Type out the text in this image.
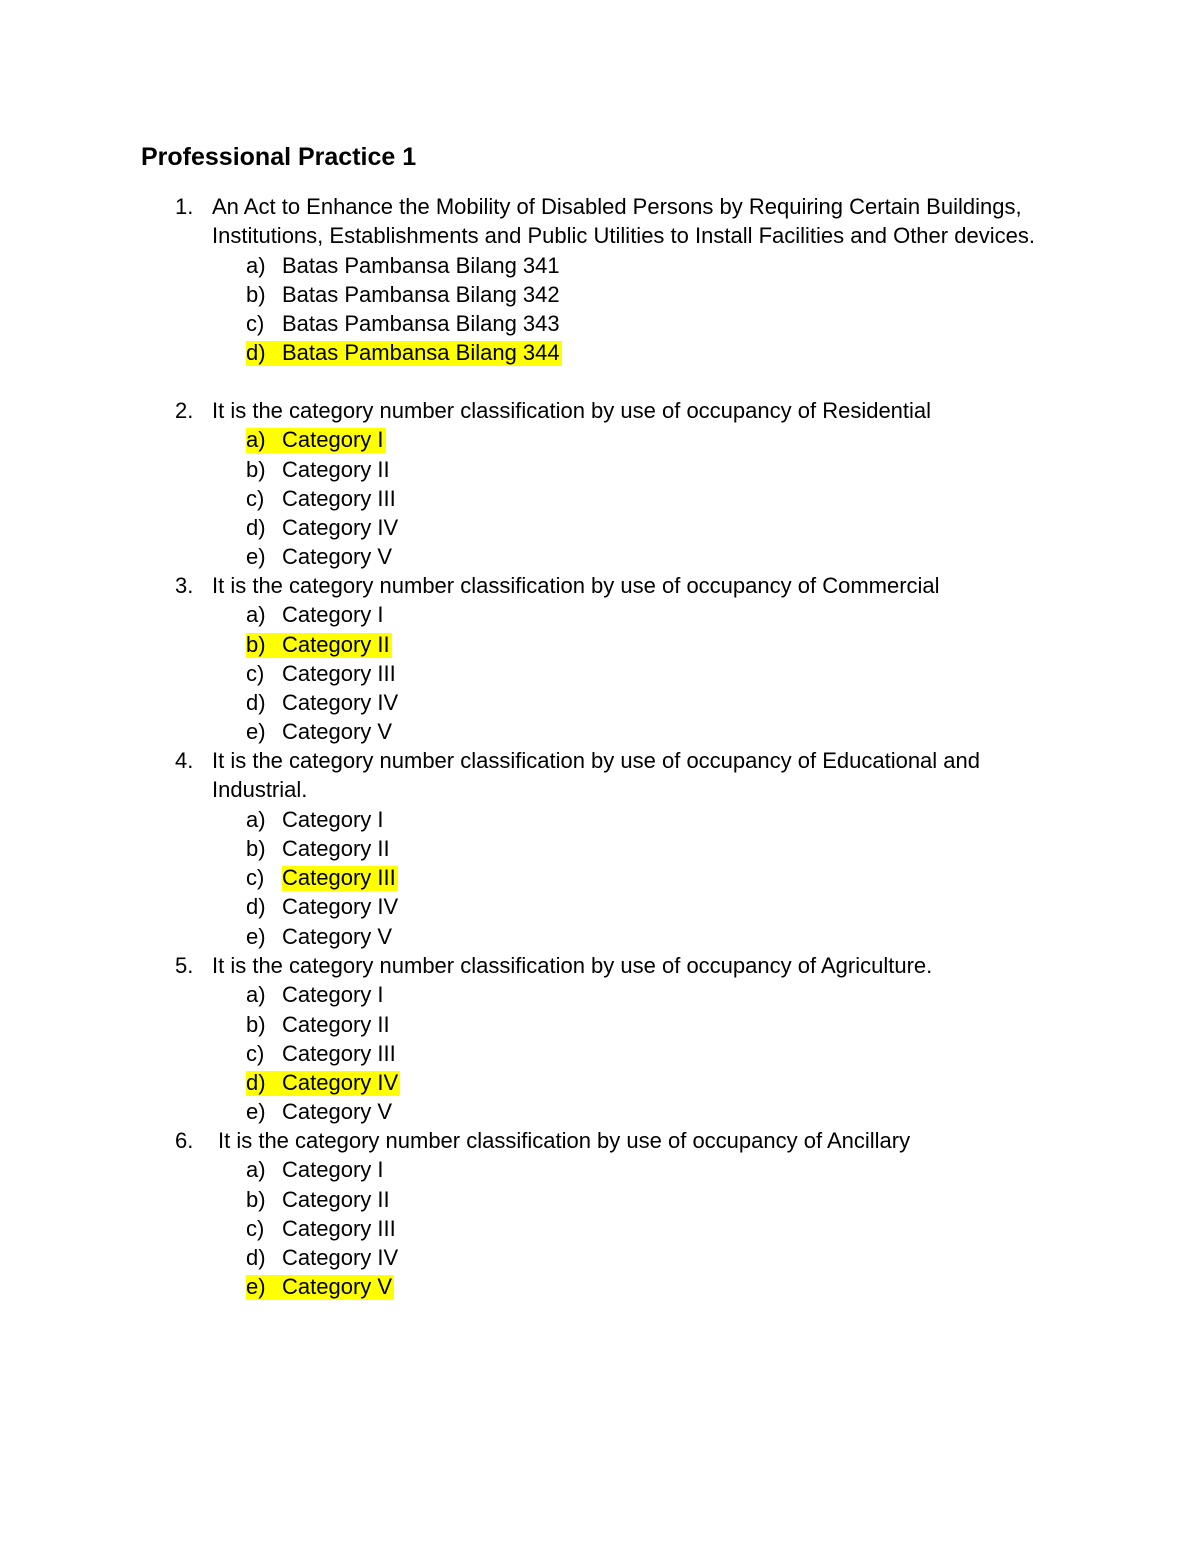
Professional Practice 1
1. An Act to Enhance the Mobility of Disabled Persons by Requiring Certain Buildings, Institutions, Establishments and Public Utilities to Install Facilities and Other devices.
a) Batas Pambansa Bilang 341
b) Batas Pambansa Bilang 342
c) Batas Pambansa Bilang 343
d) Batas Pambansa Bilang 344
2. It is the category number classification by use of occupancy of Residential
a) Category I
b) Category II
c) Category III
d) Category IV
e) Category V
3. It is the category number classification by use of occupancy of Commercial
a) Category I
b) Category II
c) Category III
d) Category IV
e) Category V
4. It is the category number classification by use of occupancy of Educational and Industrial.
a) Category I
b) Category II
c) Category III
d) Category IV
e) Category V
5. It is the category number classification by use of occupancy of Agriculture.
a) Category I
b) Category II
c) Category III
d) Category IV
e) Category V
6. It is the category number classification by use of occupancy of Ancillary
a) Category I
b) Category II
c) Category III
d) Category IV
e) Category V
